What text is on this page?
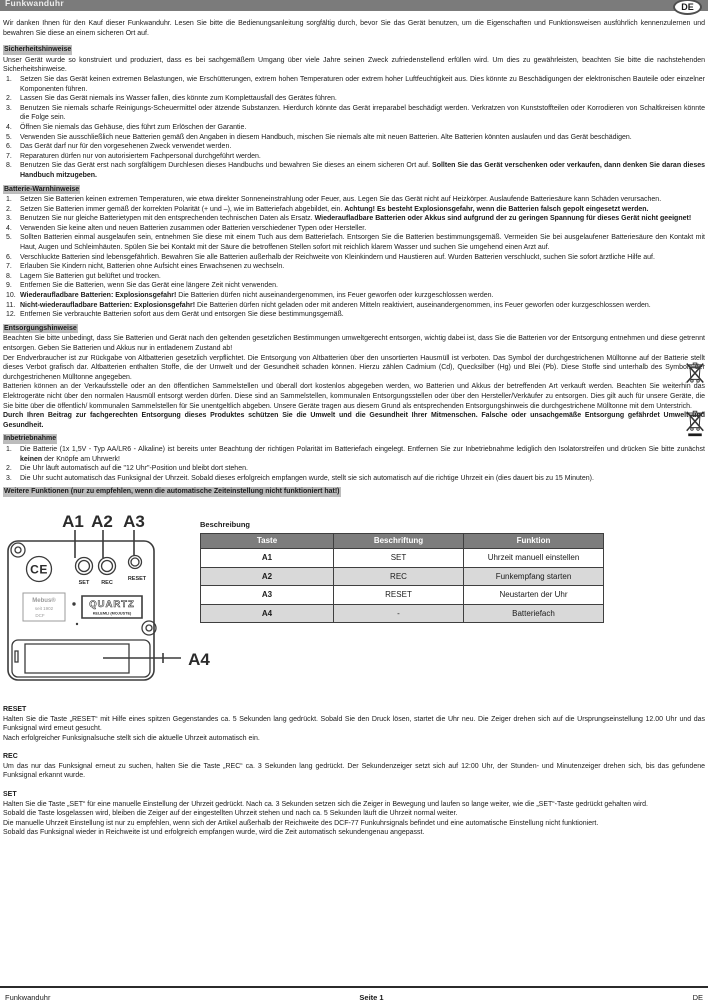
Funkwanduhr	DE

Wir danken Ihnen für den Kauf dieser Funkwanduhr. Lesen Sie bitte die Bedienungsanleitung sorgfältig durch, bevor Sie das Gerät benutzen, um die Eigenschaften und Funktionsweisen ausführlich kennenzulernen und bewahren Sie diese an einem sicheren Ort auf.

Sicherheitshinweise

Unser Gerät wurde so konstruiert und produziert, dass es bei sachgemäßem Umgang über viele Jahre seinen Zweck zufriedenstellend erfüllen wird. Um dies zu gewährleisten, beachten Sie bitte die nachstehenden Sicherheitshinweise.

1. Setzen Sie das Gerät keinen extremen Belastungen, wie Erschütterungen, extrem hohen Temperaturen oder extrem hoher Luftfeuchtigkeit aus. Dies könnte zu Beschädigungen der elektronischen Bauteile oder einzelner Komponenten führen.
2. Lassen Sie das Gerät niemals ins Wasser fallen, dies könnte zum Komplettausfall des Gerätes führen.
3. Benutzen Sie niemals scharfe Reinigungs-Scheuermittel oder ätzende Substanzen. Hierdurch könnte das Gerät irreparabel beschädigt werden. Verkratzen von Kunststoffteilen oder Korrodieren von Schaltkreisen könnte die Folge sein.
4. Öffnen Sie niemals das Gehäuse, dies führt zum Erlöschen der Garantie.
5. Verwenden Sie ausschließlich neue Batterien gemäß den Angaben in diesem Handbuch, mischen Sie niemals alte mit neuen Batterien. Alte Batterien könnten auslaufen und das Gerät beschädigen.
6. Das Gerät darf nur für den vorgesehenen Zweck verwendet werden.
7. Reparaturen dürfen nur von autorisiertem Fachpersonal durchgeführt werden.
8. Benutzen Sie das Gerät erst nach sorgfältigem Durchlesen dieses Handbuchs und bewahren Sie dieses an einem sicheren Ort auf. Sollten Sie das Gerät verschenken oder verkaufen, dann denken Sie daran dieses Handbuch mitzugeben.
Batterie-Warnhinweise
1. Setzen Sie Batterien keinen extremen Temperaturen, wie etwa direkter Sonneneinstrahlung oder Feuer, aus. Legen Sie das Gerät nicht auf Heizkörper. Auslaufende Batteriesäure kann Schäden verursachen.
2. Setzen Sie Batterien immer gemäß der korrekten Polarität (+ und –), wie im Batteriefach abgebildet, ein. Achtung! Es besteht Explosionsgefahr, wenn die Batterien falsch gepolt eingesetzt werden.
3. Benutzen Sie nur gleiche Batterietypen mit den entsprechenden technischen Daten als Ersatz. Wiederaufladbare Batterien oder Akkus sind aufgrund der zu geringen Spannung für dieses Gerät nicht geeignet!
4. Verwenden Sie keine alten und neuen Batterien zusammen oder Batterien verschiedener Typen oder Hersteller.
5. Sollten Batterien einmal ausgelaufen sein, entnehmen Sie diese mit einem Tuch aus dem Batteriefach. Entsorgen Sie die Batterien bestimmungsgemäß. Vermeiden Sie bei ausgelaufener Batteriesäure den Kontakt mit Haut, Augen und Schleimhäuten. Spülen Sie bei Kontakt mit der Säure die betroffenen Stellen sofort mit reichlich klarem Wasser und suchen Sie umgehend einen Arzt auf.
6. Verschluckte Batterien sind lebensgefährlich. Bewahren Sie alle Batterien außerhalb der Reichweite von Kleinkindern und Haustieren auf. Wurden Batterien verschluckt, suchen Sie sofort ärztliche Hilfe auf.
7. Erlauben Sie Kindern nicht, Batterien ohne Aufsicht eines Erwachsenen zu wechseln.
8. Lagern Sie Batterien gut belüftet und trocken.
9. Entfernen Sie die Batterien, wenn Sie das Gerät eine längere Zeit nicht verwenden.
10. Wiederaufladbare Batterien: Explosionsgefahr! Die Batterien dürfen nicht auseinandergenommen, ins Feuer geworfen oder kurzgeschlossen werden.
11. Nicht-wiederaufladbare Batterien: Explosionsgefahr! Die Batterien dürfen nicht geladen oder mit anderen Mitteln reaktiviert, auseinandergenommen, ins Feuer geworfen oder kurzgeschlossen werden.
12. Entfernen Sie verbrauchte Batterien sofort aus dem Gerät und entsorgen Sie diese bestimmungsgemäß.
Entsorgungshinweise

Beachten Sie bitte unbedingt, dass Sie Batterien und Gerät nach den geltenden gesetzlichen Bestimmungen umweltgerecht entsorgen, wichtig dabei ist, dass Sie die Batterien vor der Entsorgung entnehmen und diese getrennt entsorgen. Geben Sie Batterien und Akkus nur in entladenem Zustand ab!

Der Endverbraucher ist zur Rückgabe von Altbatterien gesetzlich verpflichtet. Die Entsorgung von Altbatterien über den unsortierten Hausmüll ist verboten. Das Symbol der durchgestrichenen Mülltonne auf der Batterie stellt dieses Verbot grafisch dar. Altbatterien enthalten Stoffe, die der Umwelt und der Gesundheit schaden können. Hierzu zählen Cadmium (Cd), Quecksilber (Hg) und Blei (Pb). Diese Stoffe sind unterhalb des Symbols der durchgestrichenen Mülltonne angegeben.

Batterien können an der Verkaufsstelle oder an den öffentlichen Sammelstellen und überall dort kostenlos abgegeben werden, wo Batterien und Akkus der betreffenden Art verkauft werden. Beachten Sie weiterhin das Elektrogeräte nicht über den normalen Hausmüll entsorgt werden dürfen. Diese sind an Sammelstellen, kommunalen Entsorgungsstellen oder über den Hersteller/Verkäufer zu entsorgen. Dies gilt auch für unsere Geräte, die Sie bitte über die öffentlich/ kommunalen Sammelstellen für Sie unentgeltlich abgeben. Unsere Geräte tragen aus diesem Grund als entsprechenden Entsorgungshinweis die durchgestrichene Mülltonne mit dem Unterstrich.

Durch Ihren Beitrag zur fachgerechten Entsorgung dieses Produktes schützen Sie die Umwelt und die Gesundheit Ihrer Mitmenschen. Falsche oder unsachgemäße Entsorgung gefährdet Umwelt und Gesundheit.

Inbetriebnahme
1. Die Batterie (1x 1,5V - Typ AA/LR6 - Alkaline) ist bereits unter Beachtung der richtigen Polarität im Batteriefach eingelegt. Entfernen Sie zur Inbetriebnahme lediglich den Isolatorstreifen und drücken Sie bitte zunächst keinen der Knöpfe am Uhrwerk!
2. Die Uhr läuft automatisch auf die "12 Uhr"-Position und bleibt dort stehen.
3. Die Uhr sucht automatisch das Funksignal der Uhrzeit. Sobald dieses erfolgreich empfangen wurde, stellt sie sich automatisch auf die richtige Uhrzeit ein (dies dauert bis zu 15 Minuten).
Weitere Funktionen (nur zu empfehlen, wenn die automatische Zeiteinstellung nicht funktioniert hat!)
A1 A2 A3
CE
SET REC
RESET
Mebus®
seit 1902
DCF
QUARTZ
KELEMLI (MOJUSTE)
A4
Beschreibung
Taste	Beschriftung	Funktion
A1	SET	Uhrzeit manuell einstellen
A2	REC	Funkempfang starten
A3	RESET	Neustarten der Uhr
A4	-	Batteriefach
RESET

Halten Sie die Taste „RESET“ mit Hilfe eines spitzen Gegenstandes ca. 5 Sekunden lang gedrückt. Sobald Sie den Druck lösen, startet die Uhr neu. Die Zeiger drehen sich auf die Ursprungseinstellung 12.00 Uhr und das Funksignal wird erneut gesucht.

Nach erfolgreicher Funksignalsuche stellt sich die aktuelle Uhrzeit automatisch ein.

REC

Um das nur das Funksignal erneut zu suchen, halten Sie die Taste „REC“ ca. 3 Sekunden lang gedrückt. Der Sekundenzeiger setzt sich auf 12:00 Uhr, der Stunden- und Minutenzeiger drehen sich, bis das gefundene Funksignal erkannt wurde.

SET

Halten Sie die Taste „SET“ für eine manuelle Einstellung der Uhrzeit gedrückt. Nach ca. 3 Sekunden setzen sich die Zeiger in Bewegung und laufen so lange weiter, wie die „SET“-Taste gedrückt gehalten wird.

Sobald die Taste losgelassen wird, bleiben die Zeiger auf der eingestellten Uhrzeit stehen und nach ca. 5 Sekunden läuft die Uhrzeit normal weiter.

Die manuelle Uhrzeit Einstellung ist nur zu empfehlen, wenn sich der Artikel außerhalb der Reichweite des DCF-77 Funkuhrsignals befindet und eine automatische Einstellung nicht funktioniert.

Sobald das Funksignal wieder in Reichweite ist und erfolgreich empfangen wurde, wird die Zeit automatisch sekundengenau angepasst.

Funkwanduhr	Seite 1	DE
